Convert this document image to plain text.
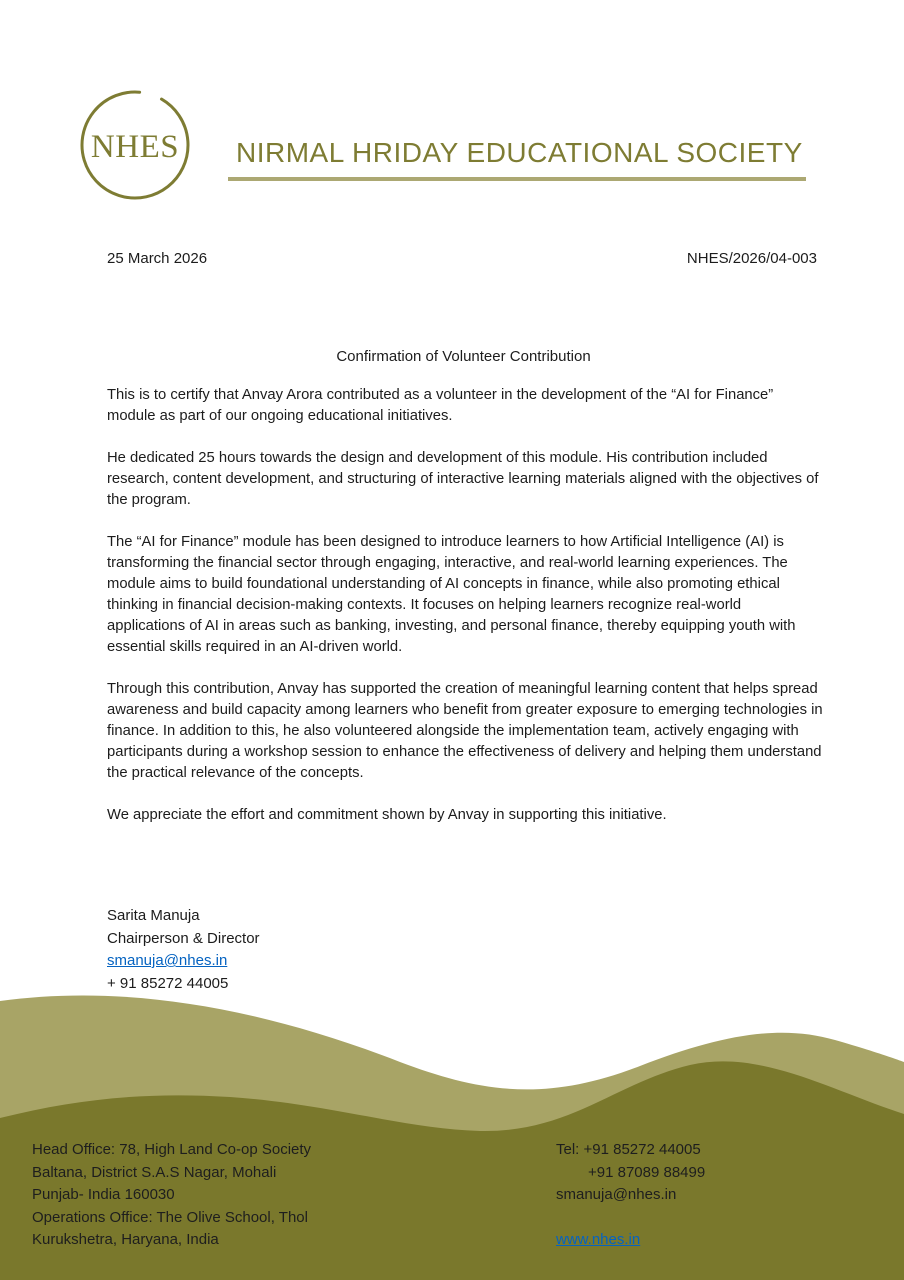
NHES NIRMAL HRIDAY EDUCATIONAL SOCIETY
25 March 2026	NHES/2026/04-003
Confirmation of Volunteer Contribution

This is to certify that Anvay Arora contributed as a volunteer in the development of the “AI for Finance” module as part of our ongoing educational initiatives.

He dedicated 25 hours towards the design and development of this module. His contribution included research, content development, and structuring of interactive learning materials aligned with the objectives of the program.

The “AI for Finance” module has been designed to introduce learners to how Artificial Intelligence (AI) is transforming the financial sector through engaging, interactive, and real-world learning experiences. The module aims to build foundational understanding of AI concepts in finance, while also promoting ethical thinking in financial decision-making contexts. It focuses on helping learners recognize real-world applications of AI in areas such as banking, investing, and personal finance, thereby equipping youth with essential skills required in an AI-driven world.

Through this contribution, Anvay has supported the creation of meaningful learning content that helps spread awareness and build capacity among learners who benefit from greater exposure to emerging technologies in finance. In addition to this, he also volunteered alongside the implementation team, actively engaging with participants during a workshop session to enhance the effectiveness of delivery and helping them understand the practical relevance of the concepts.

We appreciate the effort and commitment shown by Anvay in supporting this initiative.

Sarita Manuja
Chairperson & Director
smanuja@nhes.in
+ 91 85272 44005
Head Office: 78, High Land Co-op Society
Baltana, District S.A.S Nagar, Mohali
Punjab- India 160030
Operations Office: The Olive School, Thol
Kurukshetra, Haryana, India
Tel: +91 85272 44005
+91 87089 88499
smanuja@nhes.in
www.nhes.in
